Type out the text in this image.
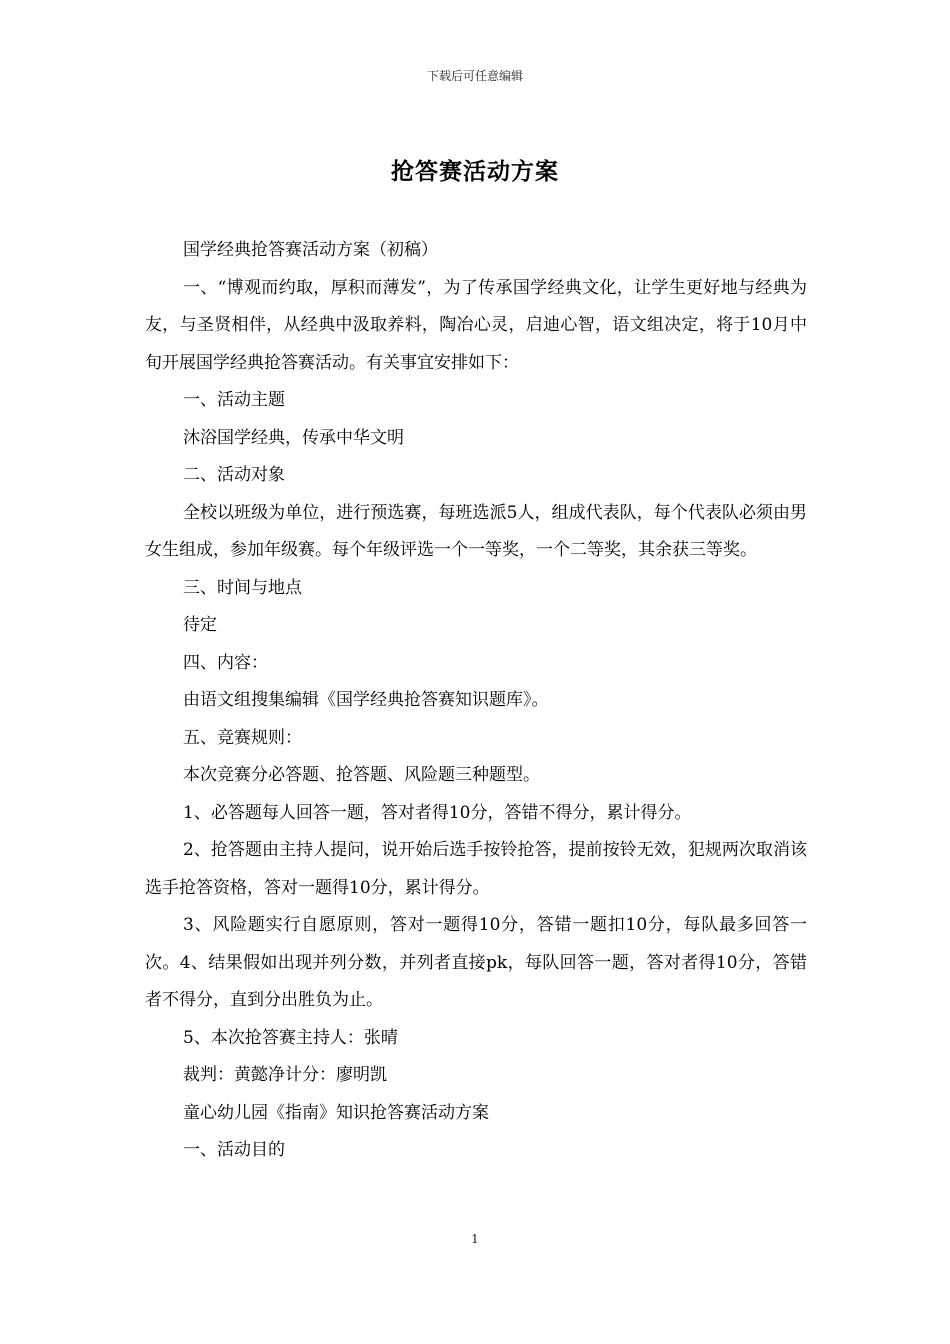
下载后可任意编辑
抢答赛活动方案

国学经典抢答赛活动方案（初稿）

一、“博观而约取，厚积而薄发”，为了传承国学经典文化，让学生更好地与经典为友，与圣贤相伴，从经典中汲取养料，陶冶心灵，启迪心智，语文组决定，将于10月中旬开展国学经典抢答赛活动。有关事宜安排如下：

一、活动主题

沐浴国学经典，传承中华文明

二、活动对象

全校以班级为单位，进行预选赛，每班选派5人，组成代表队，每个代表队必须由男女生组成，参加年级赛。每个年级评选一个一等奖，一个二等奖，其余获三等奖。

三、时间与地点

待定

四、内容：

由语文组搜集编辑《国学经典抢答赛知识题库》。

五、竞赛规则：

本次竞赛分必答题、抢答题、风险题三种题型。

1、必答题每人回答一题，答对者得10分，答错不得分，累计得分。

2、抢答题由主持人提问，说开始后选手按铃抢答，提前按铃无效，犯规两次取消该选手抢答资格，答对一题得10分，累计得分。

3、风险题实行自愿原则，答对一题得10分，答错一题扣10分，每队最多回答一次。4、结果假如出现并列分数，并列者直接pk，每队回答一题，答对者得10分，答错者不得分，直到分出胜负为止。

5、本次抢答赛主持人：张晴

裁判：黄懿净计分：廖明凯

童心幼儿园《指南》知识抢答赛活动方案

一、活动目的

1
